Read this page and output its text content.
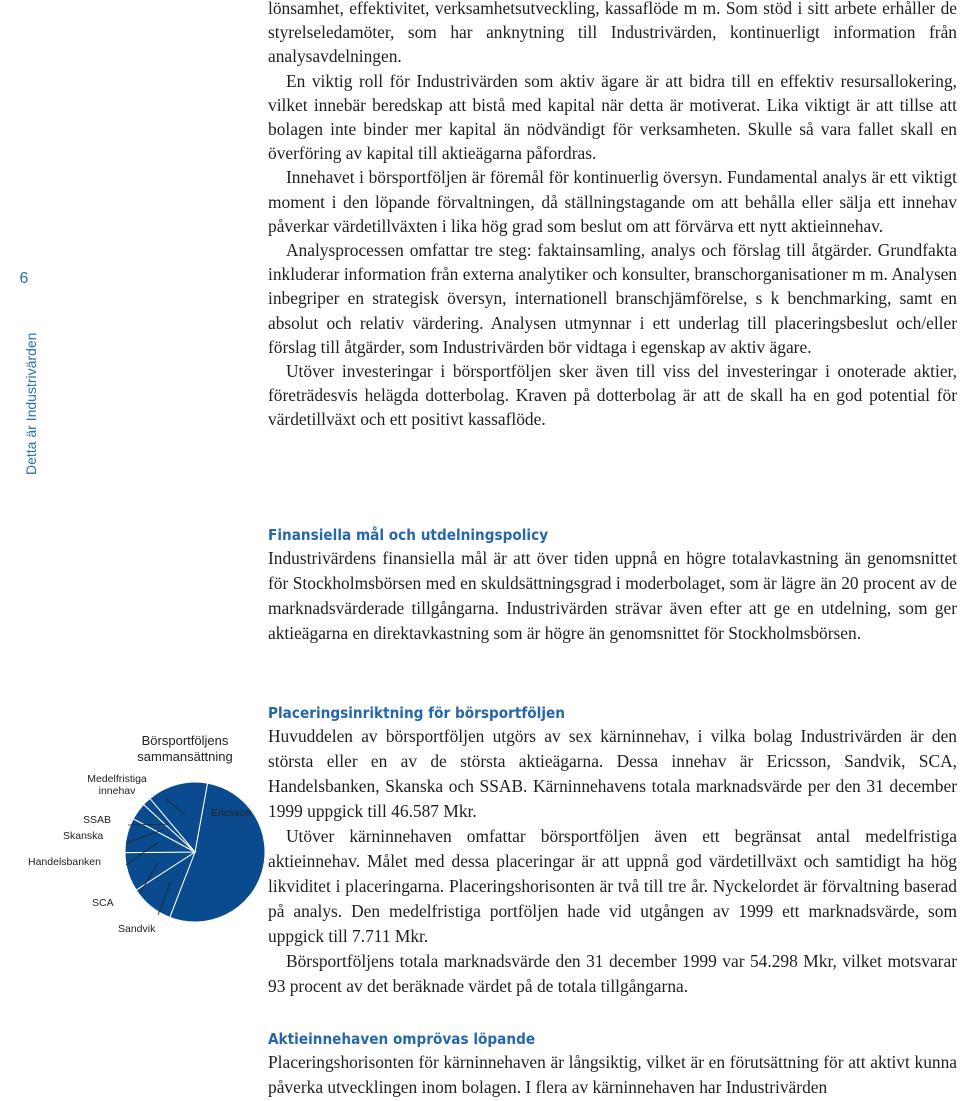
6
Detta är Industrivärden

lönsamhet, effektivitet, verksamhetsutveckling, kassaflöde m m. Som stöd i sitt arbete erhåller de styrelseledamöter, som har anknytning till Industrivärden, kontinuerligt information från analysavdelningen.

En viktig roll för Industrivärden som aktiv ägare är att bidra till en effektiv resursallokering, vilket innebär beredskap att bistå med kapital när detta är motiverat. Lika viktigt är att tillse att bolagen inte binder mer kapital än nödvändigt för verksamheten. Skulle så vara fallet skall en överföring av kapital till aktieägarna påfordras.

Innehavet i börsportföljen är föremål för kontinuerlig översyn. Fundamental analys är ett viktigt moment i den löpande förvaltningen, då ställningstagande om att behålla eller sälja ett innehav påverkar värdetillväxten i lika hög grad som beslut om att förvärva ett nytt aktieinnehav.

Analysprocessen omfattar tre steg: faktainsamling, analys och förslag till åtgärder. Grundfakta inkluderar information från externa analytiker och konsulter, branschorganisationer m m. Analysen inbegriper en strategisk översyn, internationell branschjämförelse, s k benchmarking, samt en absolut och relativ värdering. Analysen utmynnar i ett underlag till placeringsbeslut och/eller förslag till åtgärder, som Industrivärden bör vidtaga i egenskap av aktiv ägare.

Utöver investeringar i börsportföljen sker även till viss del investeringar i onoterade aktier, företrädesvis helägda dotterbolag. Kraven på dotterbolag är att de skall ha en god potential för värdetillväxt och ett positivt kassaflöde.

Finansiella mål och utdelningspolicy

Industrivärdens finansiella mål är att över tiden uppnå en högre totalavkastning än genomsnittet för Stockholmsbörsen med en skuldsättningsgrad i moderbolaget, som är lägre än 20 procent av de marknadsvärderade tillgångarna. Industrivärden strävar även efter att ge en utdelning, som ger aktieägarna en direktavkastning som är högre än genomsnittet för Stockholmsbörsen.

Placeringsinriktning för börsportföljen

Huvuddelen av börsportföljen utgörs av sex kärninnehav, i vilka bolag Industrivärden är den största eller en av de största aktieägarna. Dessa innehav är Ericsson, Sandvik, SCA, Handelsbanken, Skanska och SSAB. Kärninnehavens totala marknadsvärde per den 31 december 1999 uppgick till 46.587 Mkr.

Utöver kärninnehaven omfattar börsportföljen även ett begränsat antal medelfristiga aktieinnehav. Målet med dessa placeringar är att uppnå god värdetillväxt och samtidigt ha hög likviditet i placeringarna. Placeringshorisonten är två till tre år. Nyckelordet är förvaltning baserad på analys. Den medelfristiga portföljen hade vid utgången av 1999 ett marknadsvärde, som uppgick till 7.711 Mkr.

Börsportföljens totala marknadsvärde den 31 december 1999 var 54.298 Mkr, vilket motsvarar 93 procent av det beräknade värdet på de totala tillgångarna.

Aktieinnehaven omprövas löpande

Placeringshorisonten för kärninnehaven är långsiktig, vilket är en förutsättning för att aktivt kunna påverka utvecklingen inom bolagen. I flera av kärninnehaven har Industrivärden

Börsportföljens sammansättning
Ericsson
Sandvik
SCA
Handelsbanken
Skanska
SSAB
Medelfristiga innehav
